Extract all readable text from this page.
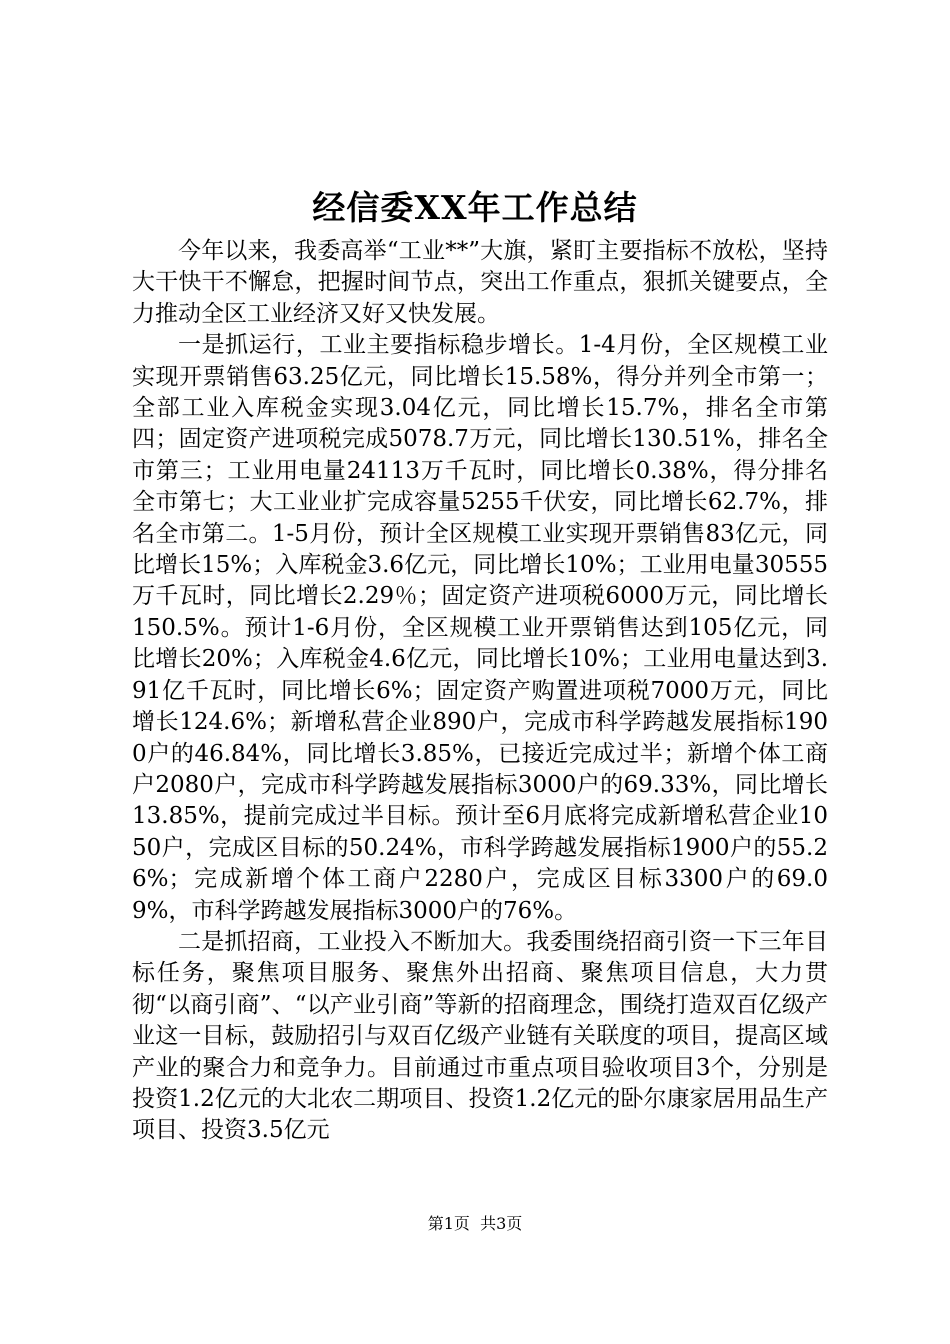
经信委XX年工作总结

今年以来，我委高举“工业**”大旗，紧盯主要指标不放松，坚持大干快干不懈怠，把握时间节点，突出工作重点，狠抓关键要点，全力推动全区工业经济又好又快发展。

一是抓运行，工业主要指标稳步增长。1-4月份，全区规模工业实现开票销售63.25亿元，同比增长15.58%，得分并列全市第一；全部工业入库税金实现3.04亿元，同比增长15.7%，排名全市第四；固定资产进项税完成5078.7万元，同比增长130.51%，排名全市第三；工业用电量24113万千瓦时，同比增长0.38%，得分排名全市第七；大工业业扩完成容量5255千伏安，同比增长62.7%，排名全市第二。1-5月份，预计全区规模工业实现开票销售83亿元，同比增长15%；入库税金3.6亿元，同比增长10%；工业用电量30555万千瓦时，同比增长2.29％；固定资产进项税6000万元，同比增长150.5%。预计1-6月份，全区规模工业开票销售达到105亿元，同比增长20%；入库税金4.6亿元，同比增长10%；工业用电量达到3.91亿千瓦时，同比增长6%；固定资产购置进项税7000万元，同比增长124.6%；新增私营企业890户，完成市科学跨越发展指标1900户的46.84%，同比增长3.85%，已接近完成过半；新增个体工商户2080户，完成市科学跨越发展指标3000户的69.33%，同比增长13.85%，提前完成过半目标。预计至6月底将完成新增私营企业1050户，完成区目标的50.24%，市科学跨越发展指标1900户的55.26%；完成新增个体工商户2280户，完成区目标3300户的69.09%，市科学跨越发展指标3000户的76%。

二是抓招商，工业投入不断加大。我委围绕招商引资一下三年目标任务，聚焦项目服务、聚焦外出招商、聚焦项目信息，大力贯彻“以商引商”、“以产业引商”等新的招商理念，围绕打造双百亿级产业这一目标，鼓励招引与双百亿级产业链有关联度的项目，提高区域产业的聚合力和竞争力。目前通过市重点项目验收项目3个，分别是投资1.2亿元的大北农二期项目、投资1.2亿元的卧尔康家居用品生产项目、投资3.5亿元

第1页  共3页
